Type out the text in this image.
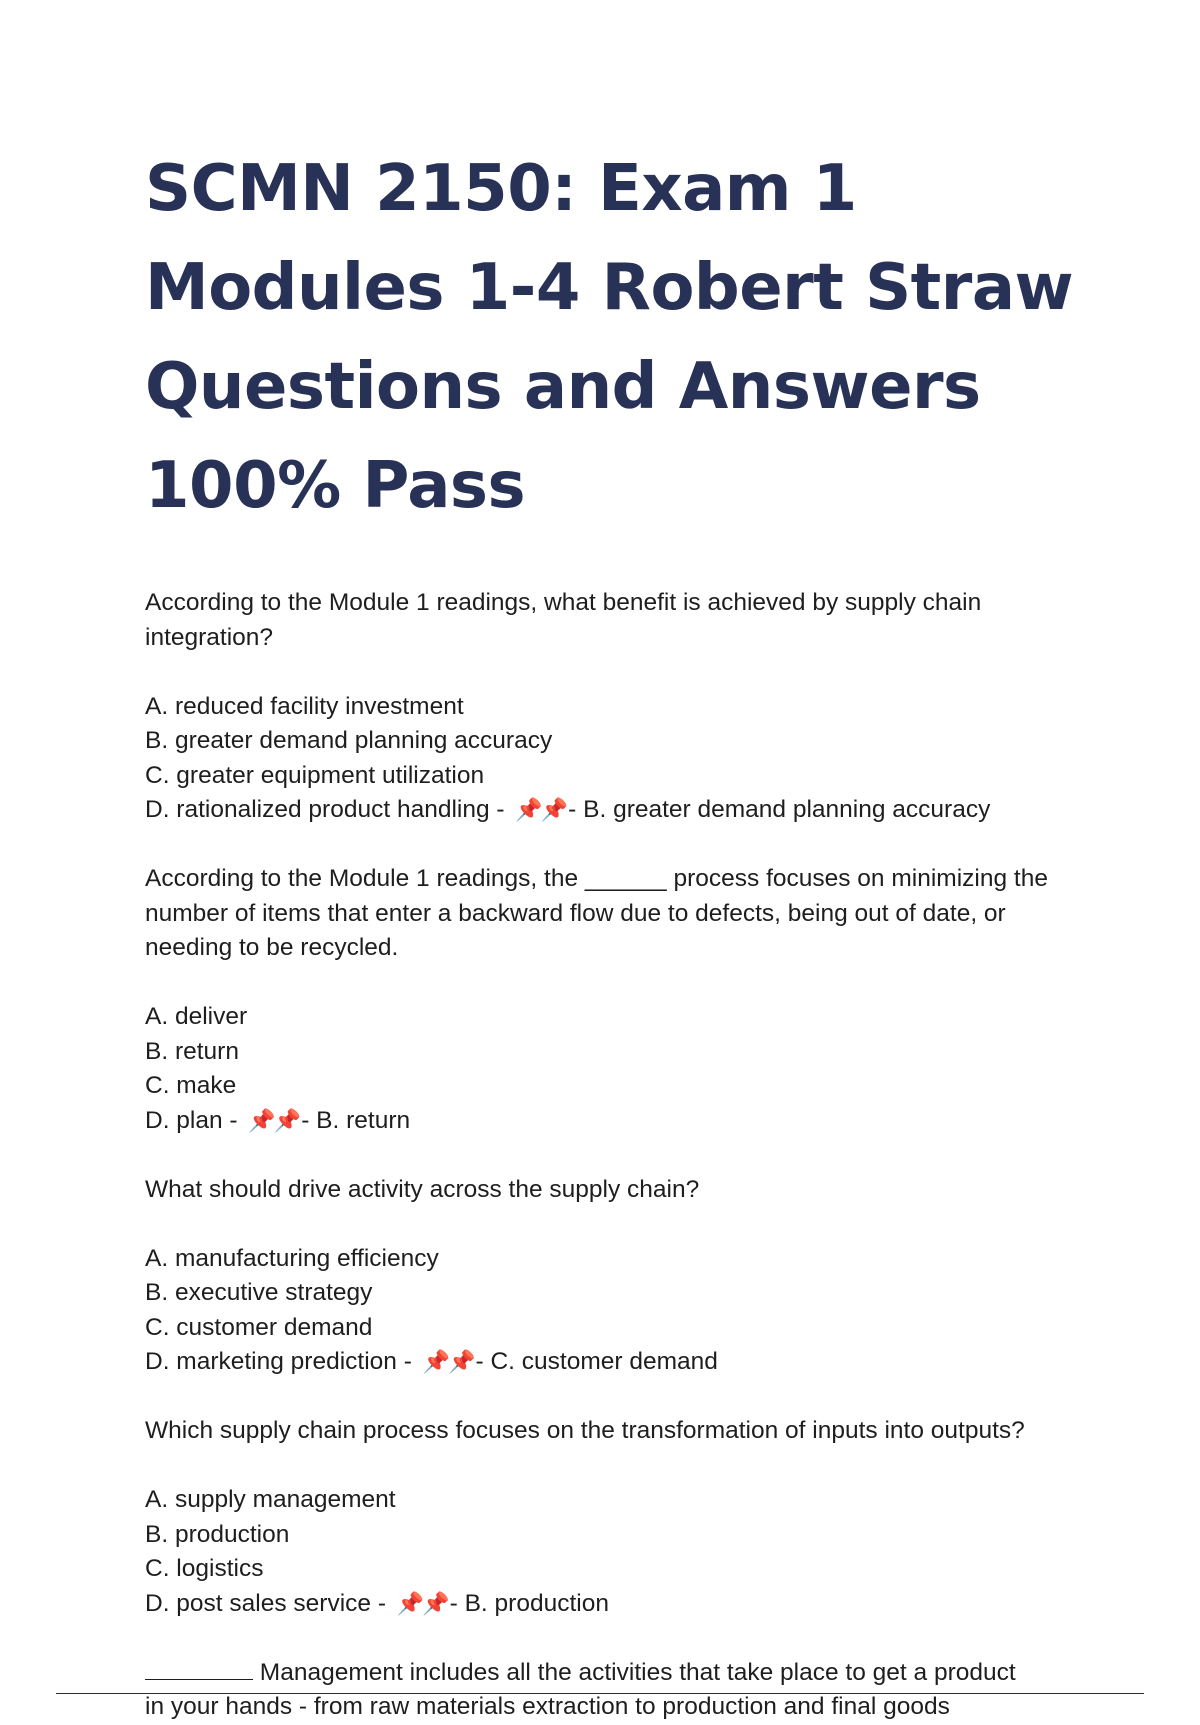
SCMN 2150: Exam 1
Modules 1-4 Robert Straw
Questions and Answers
100% Pass

According to the Module 1 readings, what benefit is achieved by supply chain integration?

A. reduced facility investment
B. greater demand planning accuracy
C. greater equipment utilization
D. rationalized product handling - 📌📌- B. greater demand planning accuracy

According to the Module 1 readings, the ______ process focuses on minimizing the number of items that enter a backward flow due to defects, being out of date, or needing to be recycled.

A. deliver
B. return
C. make
D. plan - 📌📌- B. return

What should drive activity across the supply chain?

A. manufacturing efficiency
B. executive strategy
C. customer demand
D. marketing prediction - 📌📌- C. customer demand

Which supply chain process focuses on the transformation of inputs into outputs?

A. supply management
B. production
C. logistics
D. post sales service - 📌📌- B. production
Management includes all the activities that take place to get a product
in your hands - from raw materials extraction to production and final goods
